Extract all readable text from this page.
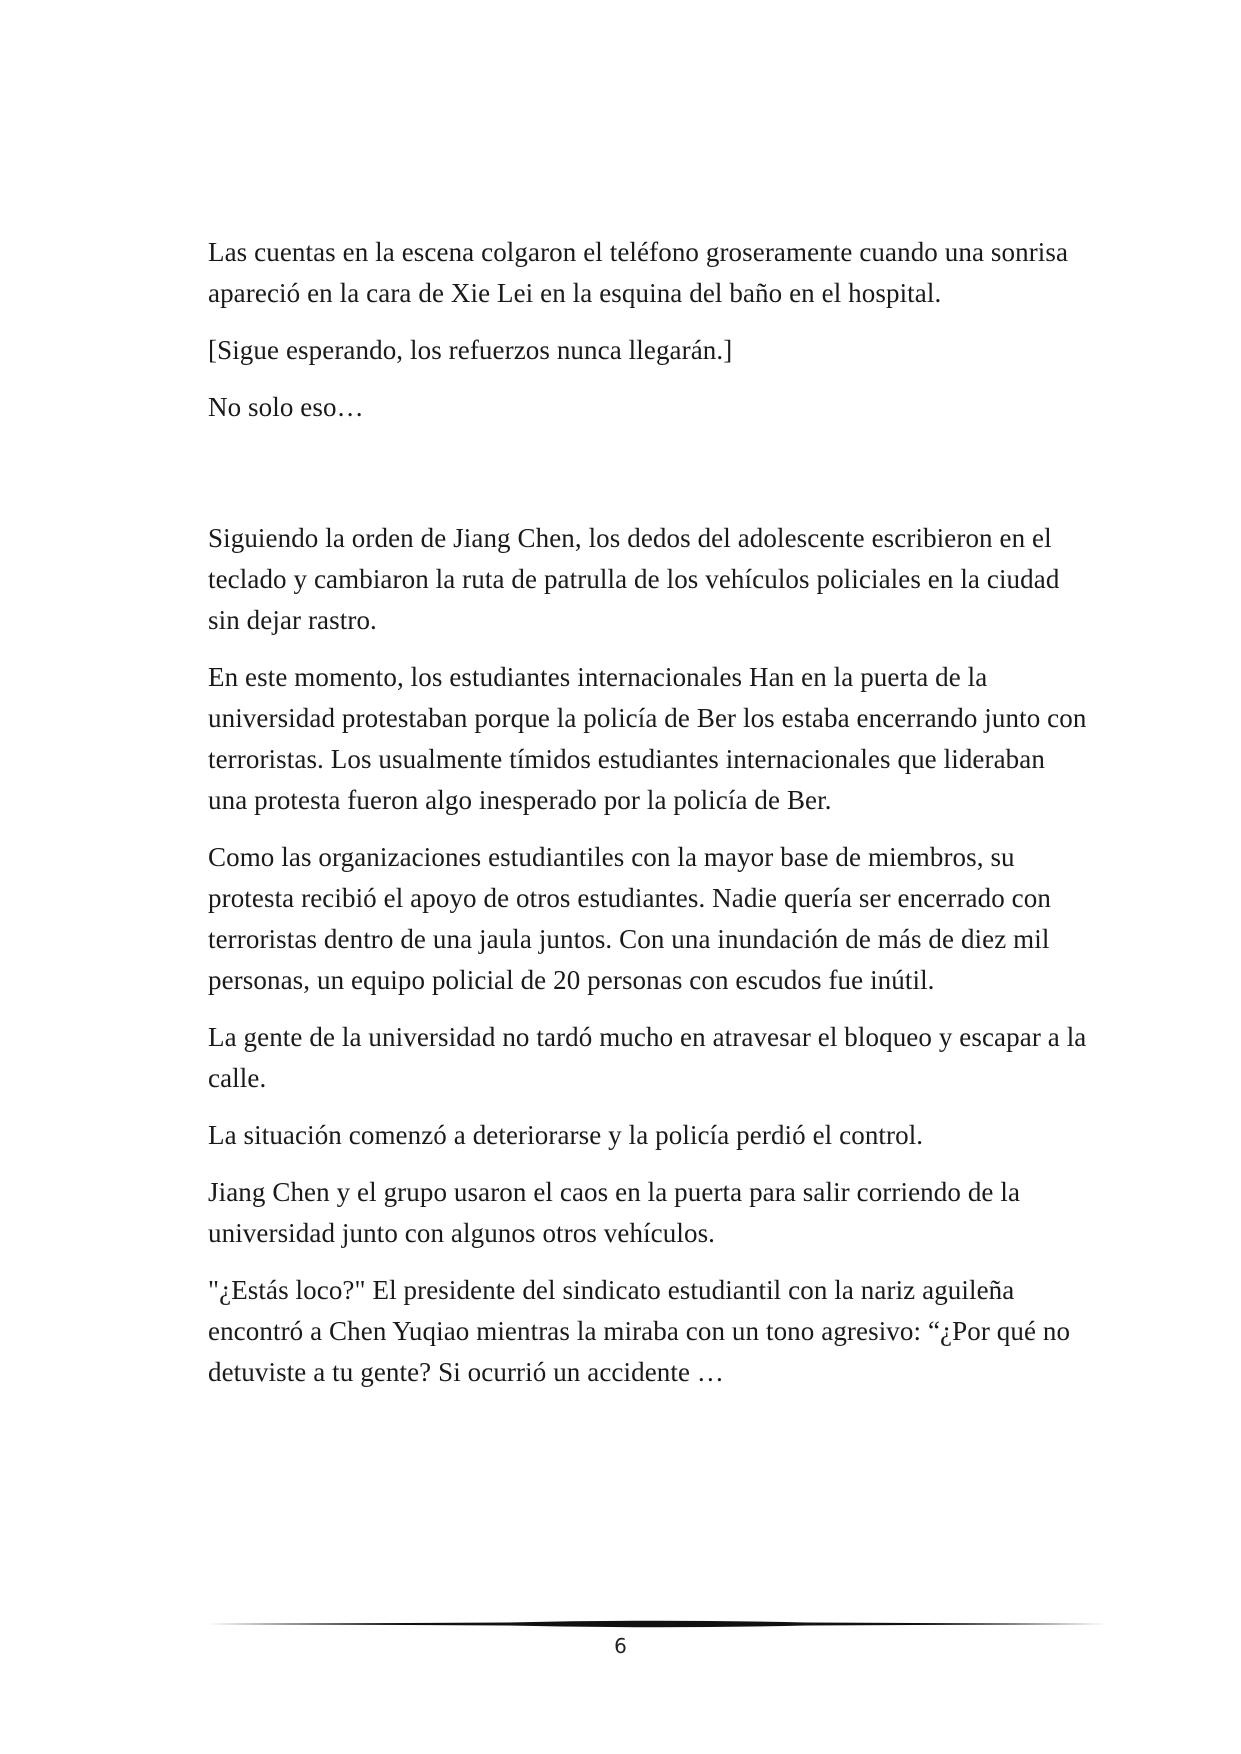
Las cuentas en la escena colgaron el teléfono groseramente cuando una sonrisa apareció en la cara de Xie Lei en la esquina del baño en el hospital.

[Sigue esperando, los refuerzos nunca llegarán.]

No solo eso…

Siguiendo la orden de Jiang Chen, los dedos del adolescente escribieron en el teclado y cambiaron la ruta de patrulla de los vehículos policiales en la ciudad sin dejar rastro.

En este momento, los estudiantes internacionales Han en la puerta de la universidad protestaban porque la policía de Ber los estaba encerrando junto con terroristas. Los usualmente tímidos estudiantes internacionales que lideraban una protesta fueron algo inesperado por la policía de Ber.

Como las organizaciones estudiantiles con la mayor base de miembros, su protesta recibió el apoyo de otros estudiantes. Nadie quería ser encerrado con terroristas dentro de una jaula juntos. Con una inundación de más de diez mil personas, un equipo policial de 20 personas con escudos fue inútil.

La gente de la universidad no tardó mucho en atravesar el bloqueo y escapar a la calle.

La situación comenzó a deteriorarse y la policía perdió el control.

Jiang Chen y el grupo usaron el caos en la puerta para salir corriendo de la universidad junto con algunos otros vehículos.

"¿Estás loco?" El presidente del sindicato estudiantil con la nariz aguileña encontró a Chen Yuqiao mientras la miraba con un tono agresivo: “¿Por qué no detuviste a tu gente? Si ocurrió un accidente …

6
